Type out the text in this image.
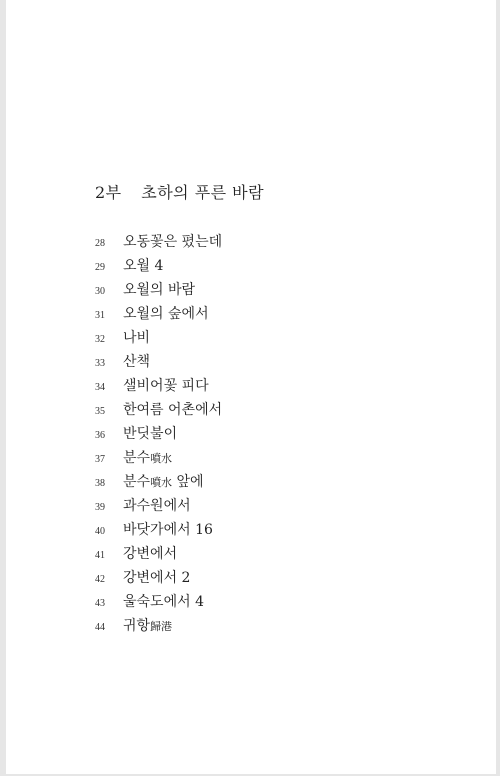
2부 초하의 푸른 바람
28 오동꽃은 폈는데
29 오월 4
30 오월의 바람
31 오월의 숲에서
32 나비
33 산책
34 샐비어꽃 피다
35 한여름 어촌에서
36 반딧불이
37 분수噴水
38 분수噴水 앞에
39 과수원에서
40 바닷가에서 16
41 강변에서
42 강변에서 2
43 울숙도에서 4
44 귀항歸港
